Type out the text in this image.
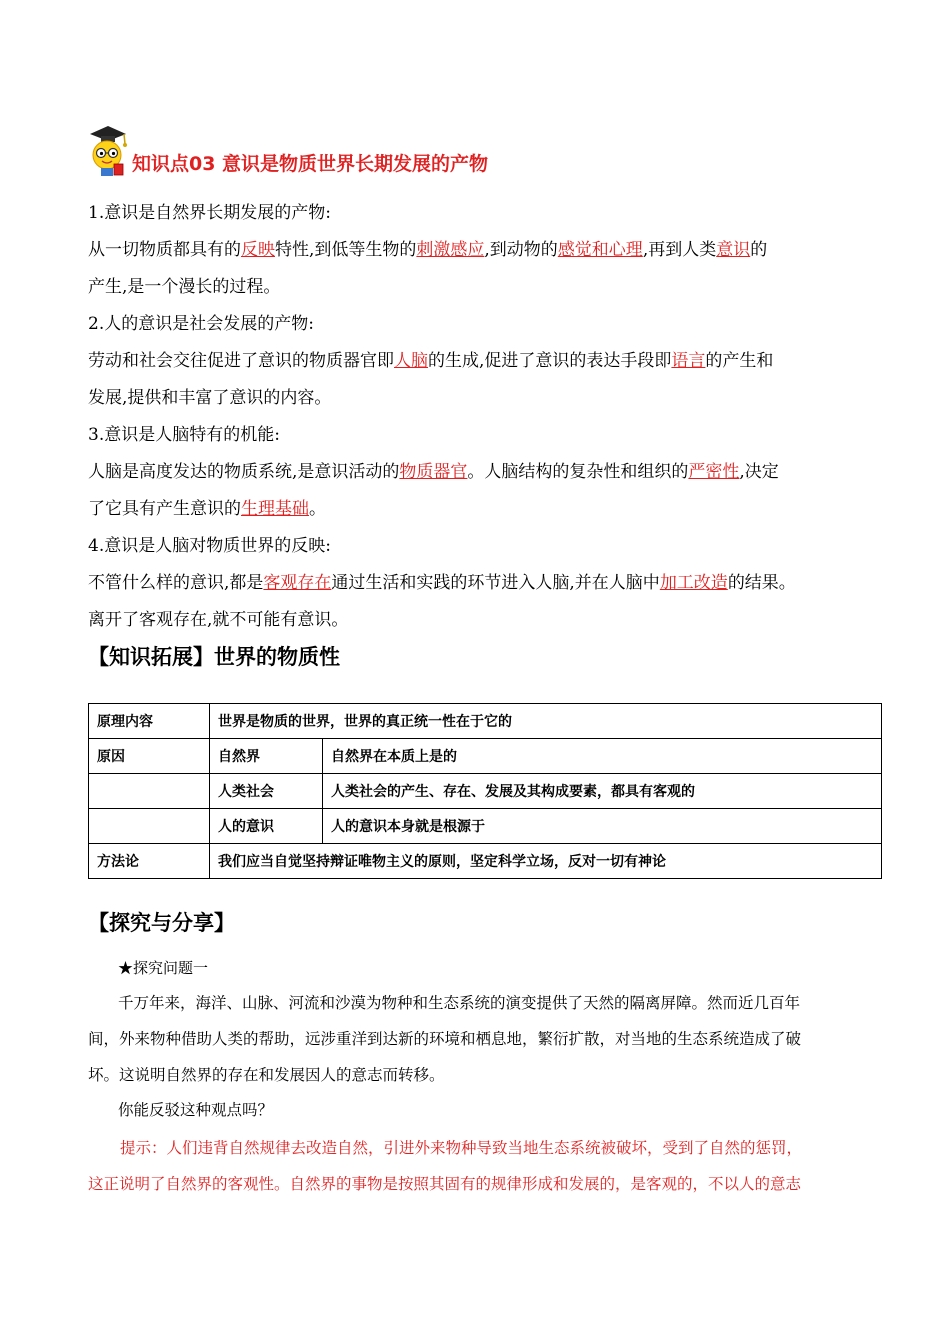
知识点03 意识是物质世界长期发展的产物
1.意识是自然界长期发展的产物:
从一切物质都具有的反映特性,到低等生物的刺激感应,到动物的感觉和心理,再到人类意识的
产生,是一个漫长的过程。
2.人的意识是社会发展的产物:
劳动和社会交往促进了意识的物质器官即人脑的生成,促进了意识的表达手段即语言的产生和
发展,提供和丰富了意识的内容。
3.意识是人脑特有的机能:
人脑是高度发达的物质系统,是意识活动的物质器官。人脑结构的复杂性和组织的严密性,决定
了它具有产生意识的生理基础。
4.意识是人脑对物质世界的反映:
不管什么样的意识,都是客观存在通过生活和实践的环节进入人脑,并在人脑中加工改造的结果。
离开了客观存在,就不可能有意识。
【知识拓展】世界的物质性
原理内容	世界是物质的世界，世界的真正统一性在于它的	
原因	自然界	自然界在本质上是的
	人类社会	人类社会的产生、存在、发展及其构成要素，都具有客观的
	人的意识	人的意识本身就是根源于
方法论	我们应当自觉坚持辩证唯物主义的原则，坚定科学立场，反对一切有神论	
【探究与分享】
★探究问题一
千万年来，海洋、山脉、河流和沙漠为物种和生态系统的演变提供了天然的隔离屏障。然而近几百年
间，外来物种借助人类的帮助，远涉重洋到达新的环境和栖息地，繁衍扩散，对当地的生态系统造成了破
坏。这说明自然界的存在和发展因人的意志而转移。
你能反驳这种观点吗？
提示：人们违背自然规律去改造自然，引进外来物种导致当地生态系统被破坏，受到了自然的惩罚，
这正说明了自然界的客观性。自然界的事物是按照其固有的规律形成和发展的，是客观的，不以人的意志
